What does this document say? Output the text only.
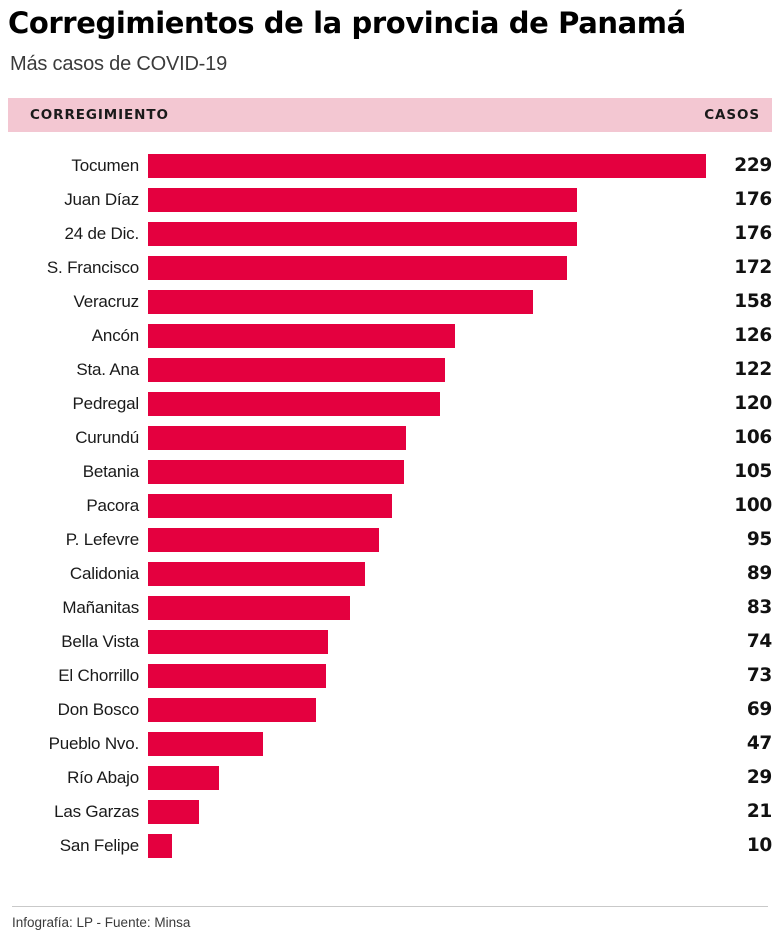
Corregimientos de la provincia de Panamá
Más casos de COVID-19
CORREGIMIENTO	CASOS
Tocumen	229
Juan Díaz	176
24 de Dic.	176
S. Francisco	172
Veracruz	158
Ancón	126
Sta. Ana	122
Pedregal	120
Curundú	106
Betania	105
Pacora	100
P. Lefevre	95
Calidonia	89
Mañanitas	83
Bella Vista	74
El Chorrillo	73
Don Bosco	69
Pueblo Nvo.	47
Río Abajo	29
Las Garzas	21
San Felipe	10
Infografía: LP - Fuente: Minsa
